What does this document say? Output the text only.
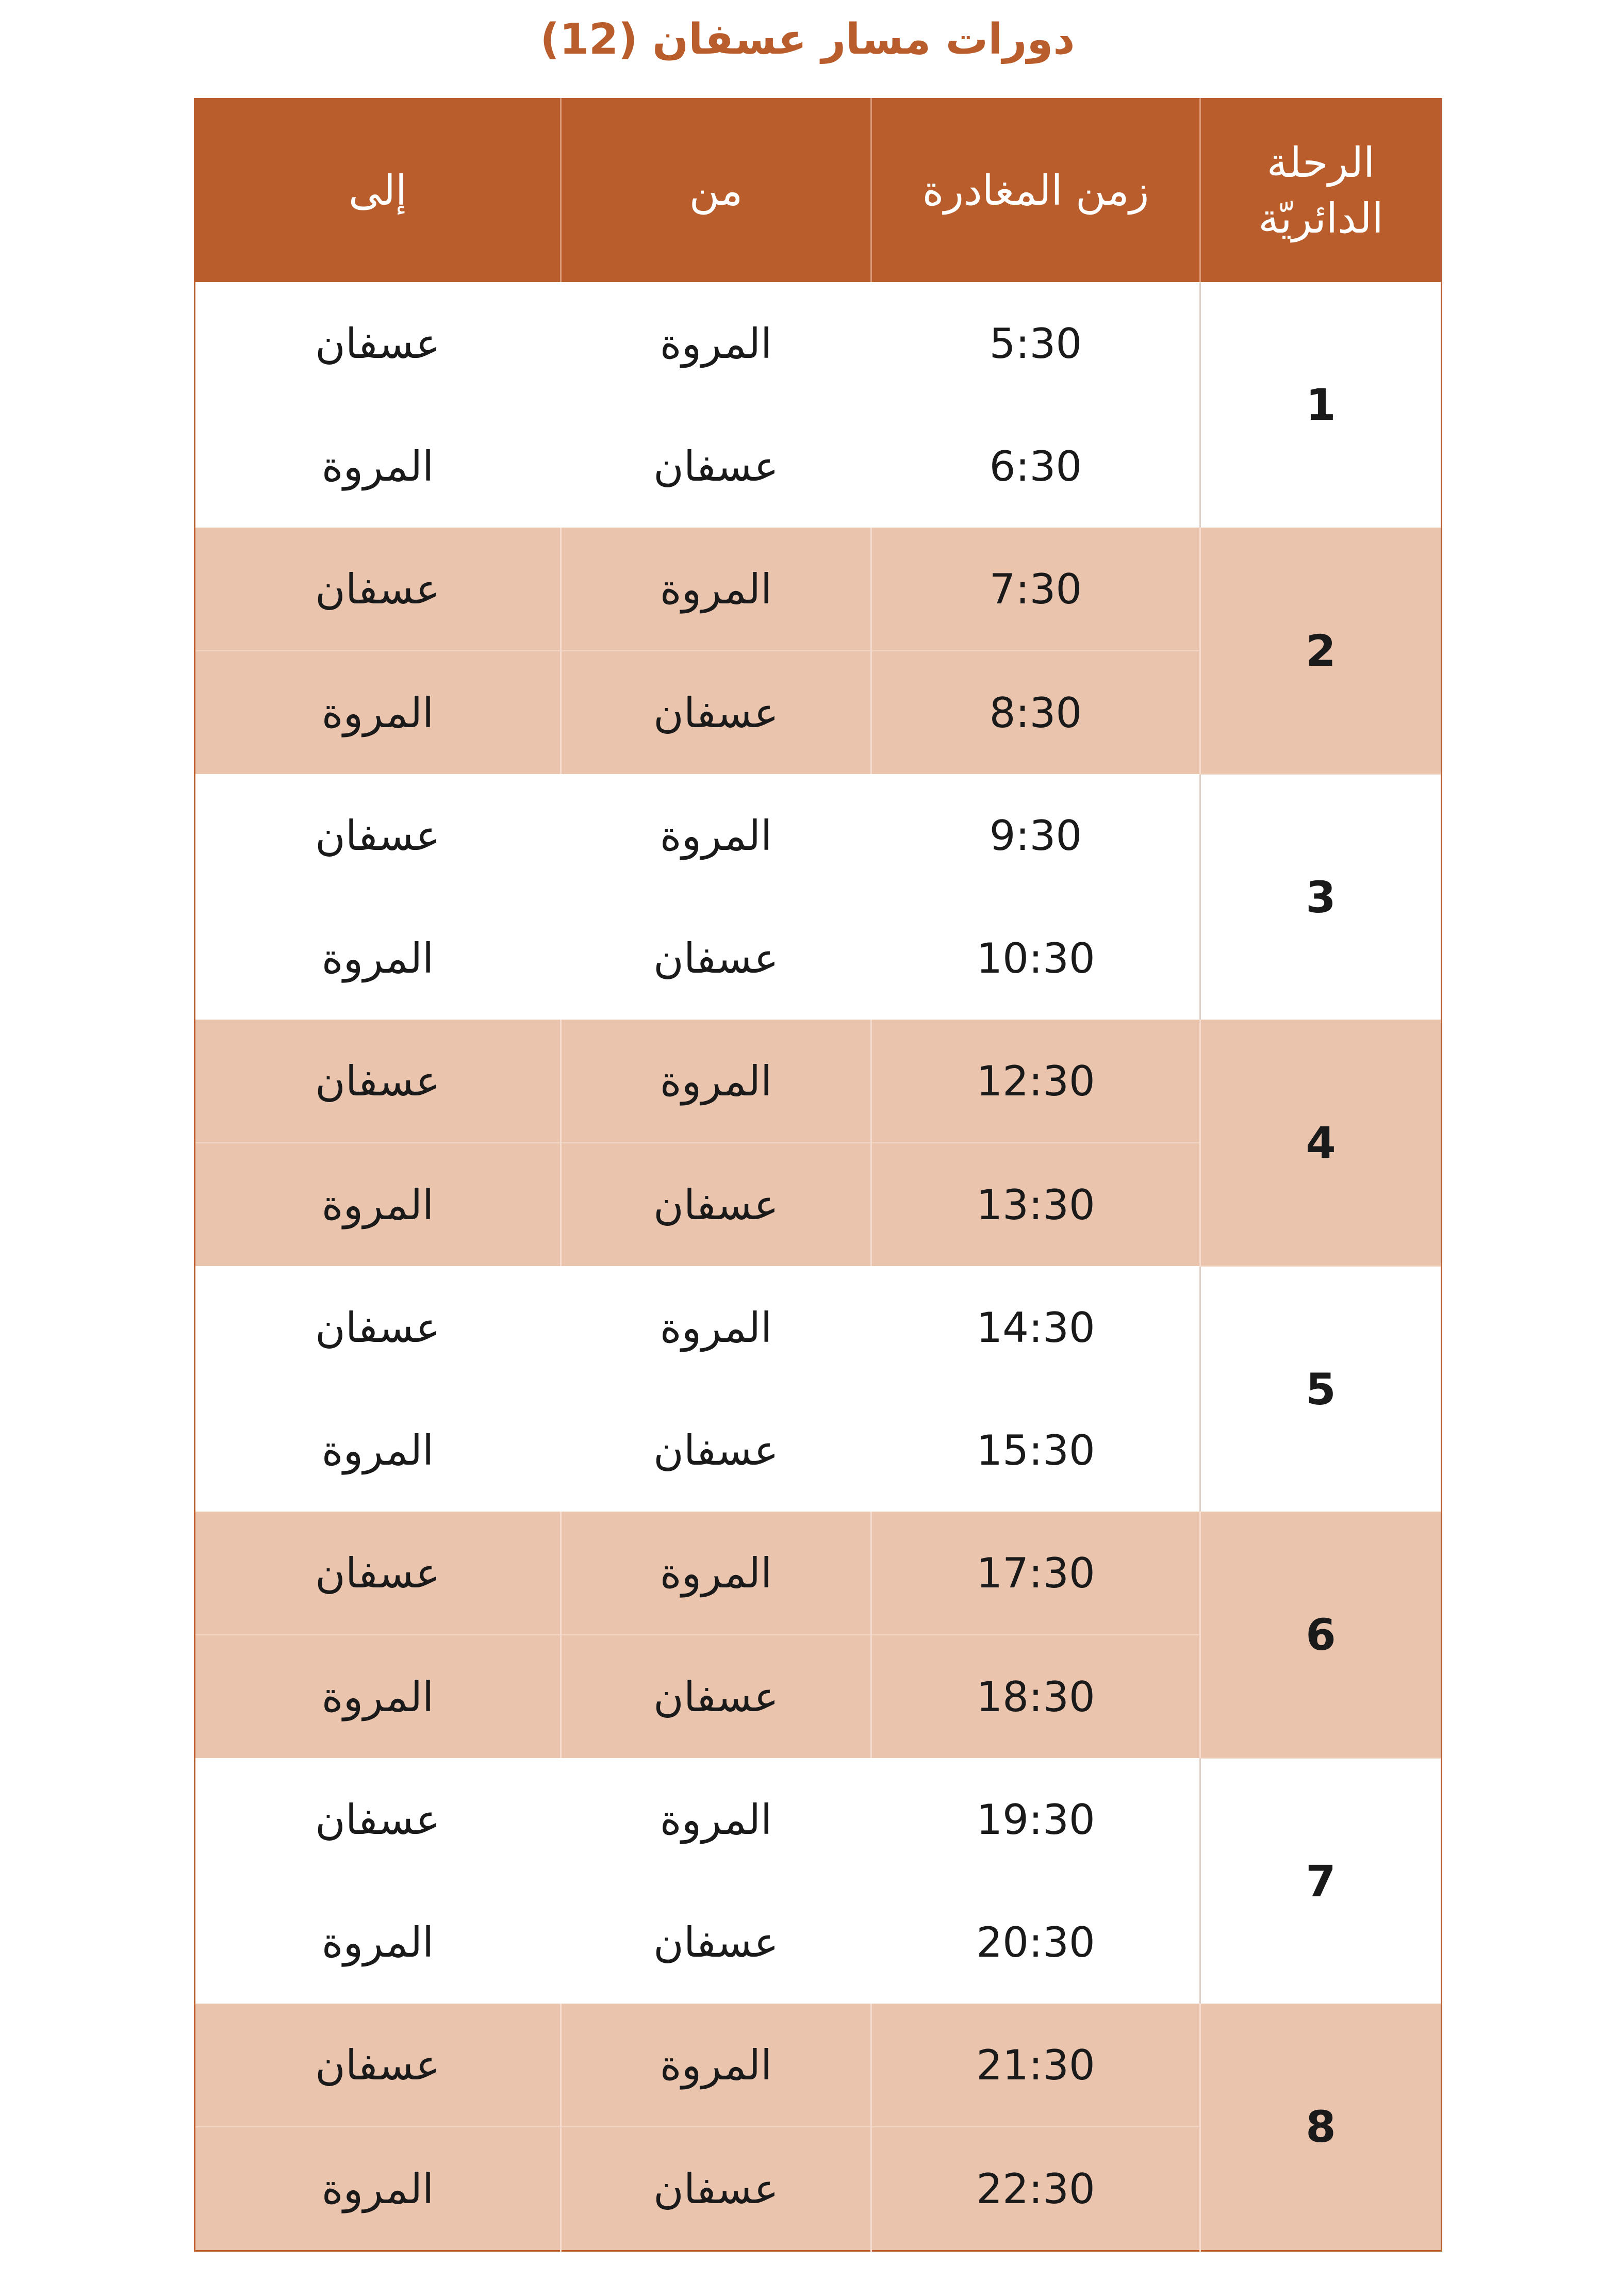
دورات مسار عسفان (12)
الرحلة الدائريّة	زمن المغادرة	من	إلى
1	5:30	المروة	عسفان
	6:30	عسفان	المروة
2	7:30	المروة	عسفان
	8:30	عسفان	المروة
3	9:30	المروة	عسفان
	10:30	عسفان	المروة
4	12:30	المروة	عسفان
	13:30	عسفان	المروة
5	14:30	المروة	عسفان
	15:30	عسفان	المروة
6	17:30	المروة	عسفان
	18:30	عسفان	المروة
7	19:30	المروة	عسفان
	20:30	عسفان	المروة
8	21:30	المروة	عسفان
	22:30	عسفان	المروة
